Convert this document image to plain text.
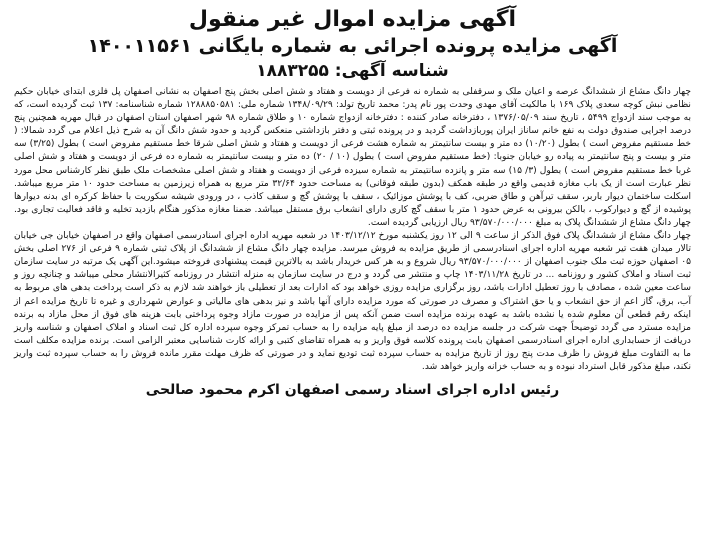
آگهی مزایده اموال غیر منقول
آگهی مزایده پرونده اجرائی به شماره بایگانی ۱۴۰۰۱۱۵۶۱
شناسه آگهی: ۱۸۸۳۲۵۵

چهار دانگ مشاع از ششدانگ عرصه و اعیان ملک و سرقفلی به شماره نه فرعی از دویست و هفتاد و شش اصلی بخش پنج اصفهان به نشانی اصفهان پل فلزی ابتدای خیابان حکیم نظامی نبش کوچه سعدی پلاک ۱۶۹ با مالکیت آقای مهدی وحدت پور نام پدر: محمد تاریخ تولد: ۱۳۴۸/۰۹/۲۹ شماره ملی: ۱۲۸۸۸۵۰۵۸۱ شماره شناسنامه: ۱۳۷ ثبت گردیده است، که به موجب سند ازدواج ۵۴۹۹ ، تاریخ سند ۱۳۷۶/۰۵/۰۹ ، دفترخانه صادر کننده : دفترخانه ازدواج شماره ۱۰ و طلاق شماره ۹۸ شهر اصفهان استان اصفهان در قبال مهریه همچنین پنج درصد اجرایی صندوق دولت به نفع خانم ساناز ایران پوربازداشت گردید و در پرونده ثبتی و دفتر بازداشتی منعکس گردید و حدود شش دانگ آن به شرح ذیل اعلام می گردد شمالا: ( خط مستقیم مفروض است ) بطول (۱۰/۲۰) ده متر و بیست سانتیمتر به شماره هشت فرعی از دویست و هفتاد و شش اصلی شرقا خط مستقیم مفروض است ) بطول (۳/۲۵) سه متر و بیست و پنج سانتیمتر به پیاده رو خیابان جنوبا: (خط مستقیم مفروض است ) بطول (۱۰ / ۲۰) ده متر و بیست سانتیمتر به شماره ده فرعی از دویست و هفتاد و شش اصلی غربا خط مستقیم مفروض است ) بطول (۳/ ۱۵) سه متر و پانزده سانتیمتر به شماره سیزده فرعی از دویست و هفتاد و شش اصلی مشخصات ملک طبق نظر کارشناس محل مورد نظر عبارت است از یک باب مغازه قدیمی واقع در طبقه همکف (بدون طبقه فوقانی) به مساحت حدود ۳۲/۶۴ متر مربع به همراه زیرزمین به مساحت حدود ۱۰ متر مربع میباشد. اسکلت ساختمان دیوار باربر، سقف تیرآهن و طاق ضربی، کف با پوشش موزائیک ، سقف با پوشش گچ و سقف کاذب ، در ورودی شیشه سکوریت با حفاظ کرکره ای بدنه دیوارها پوشیده از گچ و دیوارکوب ، بالکن بیرونی به عرض حدود ۱ متر با سقف گچ کاری دارای انشعاب برق مستقل میباشد. ضمنا مغازه مذکور هنگام بازدید تخلیه و فاقد فعالیت تجاری بود. چهار دانگ مشاع از ششدانگ پلاک به مبلغ ۹۳/۵۷۰/۰۰۰/۰۰۰ ریال ارزیابی گردیده است.

چهار دانگ مشاع از ششدانگ پلاک فوق الذکر از ساعت ۹ الی ۱۲ روز یکشنبه مورخ ۱۴۰۳/۱۲/۱۲ در شعبه مهریه اداره اجرای اسنادرسمی اصفهان واقع در اصفهان خیابان جی خیابان تالار میدان هفت تیر شعبه مهریه اداره اجرای اسنادرسمی از طریق مزایده به فروش میرسد. مزایده چهار دانگ مشاع از ششدانگ از پلاک ثبتی شماره ۹ فرعی از ۲۷۶ اصلی بخش ۰۵ اصفهان حوزه ثبت ملک جنوب اصفهان از ۹۳/۵۷۰/۰۰۰/۰۰۰ ریال شروع و به هر کس خریدار باشد به بالاترین قیمت پیشنهادی فروخته میشود.این آگهی یک مرتبه در سایت سازمان ثبت اسناد و املاک کشور و روزنامه ... در تاریخ ۱۴۰۳/۱۱/۲۸ چاپ و منتشر می گردد و درج در سایت سازمان به منزله انتشار در روزنامه کثیرالانتشار محلی میباشد و چنانچه روز و ساعت معین شده ، مصادف با روز تعطیل ادارات باشد، روز برگزاری مزایده روزی خواهد بود که ادارات بعد از تعطیلی باز خواهند شد لازم به ذکر است پرداخت بدهی های مربوط به آب، برق، گاز اعم از حق انشعاب و یا حق اشتراک و مصرف در صورتی که مورد مزایده دارای آنها باشد و نیز بدهی های مالیاتی و عوارض شهرداری و غیره تا تاریخ مزایده اعم از اینکه رقم قطعی آن معلوم شده یا نشده باشد به عهده برنده مزایده است ضمن آنکه پس از مزایده در صورت مازاد وجوه پرداختی بابت هزینه های فوق از محل مازاد به برنده مزایده مسترد می گردد توضیحاً جهت شرکت در جلسه مزایده ده درصد از مبلغ پایه مزایده را به حساب تمرکز وجوه سپرده اداره کل ثبت اسناد و املاک اصفهان و شناسه واریز دریافت از حسابداری اداره اجرای اسنادرسمی اصفهان بابت پرونده کلاسه فوق واریز و به همراه تقاضای کتبی و ارائه کارت شناسایی معتبر الزامی است. برنده مزایده مکلف است ما به التفاوت مبلغ فروش را ظرف مدت پنج روز از تاریخ مزایده به حساب سپرده ثبت تودیع نماید و در صورتی که ظرف مهلت مقرر مانده فروش را به حساب سپرده ثبت واریز نکند، مبلغ مذکور قابل استرداد نبوده و به حساب خزانه واریز خواهد شد.

رئیس اداره اجرای اسناد رسمی اصفهان اکرم محمود صالحی
